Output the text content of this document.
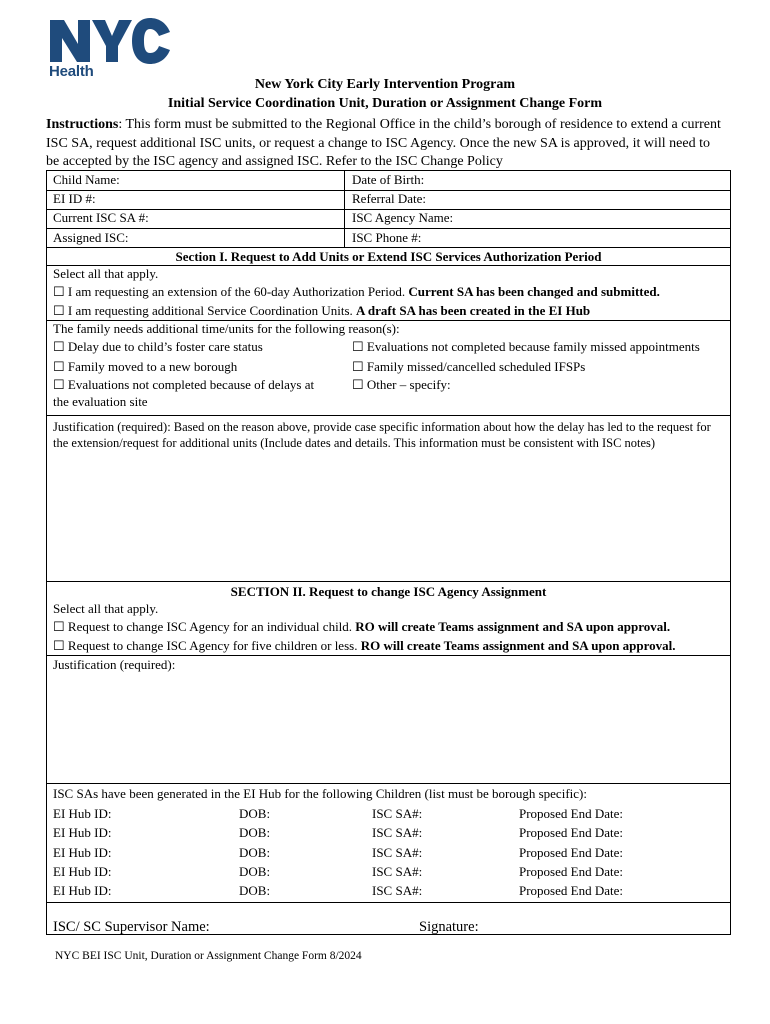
Health
New York City Early Intervention Program
Initial Service Coordination Unit, Duration or Assignment Change Form
Instructions: This form must be submitted to the Regional Office in the child’s borough of residence to extend a current ISC SA, request additional ISC units, or request a change to ISC Agency. Once the new SA is approved, it will need to be accepted by the ISC agency and assigned ISC. Refer to the ISC Change Policy
Child Name:	Date of Birth:
EI ID #:	Referral Date:
Current ISC SA #:	ISC Agency Name:
Assigned ISC:	ISC Phone #:
Section I. Request to Add Units or Extend ISC Services Authorization Period
Select all that apply.
☐ I am requesting an extension of the 60-day Authorization Period. Current SA has been changed and submitted.
☐ I am requesting additional Service Coordination Units. A draft SA has been created in the EI Hub
The family needs additional time/units for the following reason(s):
☐ Delay due to child’s foster care status	☐ Evaluations not completed because family missed appointments
☐ Family moved to a new borough	☐ Family missed/cancelled scheduled IFSPs
☐ Evaluations not completed because of delays at
the evaluation site
☐ Other – specify:
Justification (required): Based on the reason above, provide case specific information about how the delay has led to the request for the extension/request for additional units (Include dates and details. This information must be consistent with ISC notes)
SECTION II. Request to change ISC Agency Assignment
Select all that apply.
☐ Request to change ISC Agency for an individual child. RO will create Teams assignment and SA upon approval.
☐ Request to change ISC Agency for five children or less. RO will create Teams assignment and SA upon approval.
Justification (required):
ISC SAs have been generated in the EI Hub for the following Children (list must be borough specific):
EI Hub ID:	DOB:	ISC SA#:	Proposed End Date:
EI Hub ID:	DOB:	ISC SA#:	Proposed End Date:
EI Hub ID:	DOB:	ISC SA#:	Proposed End Date:
EI Hub ID:	DOB:	ISC SA#:	Proposed End Date:
EI Hub ID:	DOB:	ISC SA#:	Proposed End Date:
ISC/ SC Supervisor Name:	Signature:
NYC BEI ISC Unit, Duration or Assignment Change Form 8/2024
